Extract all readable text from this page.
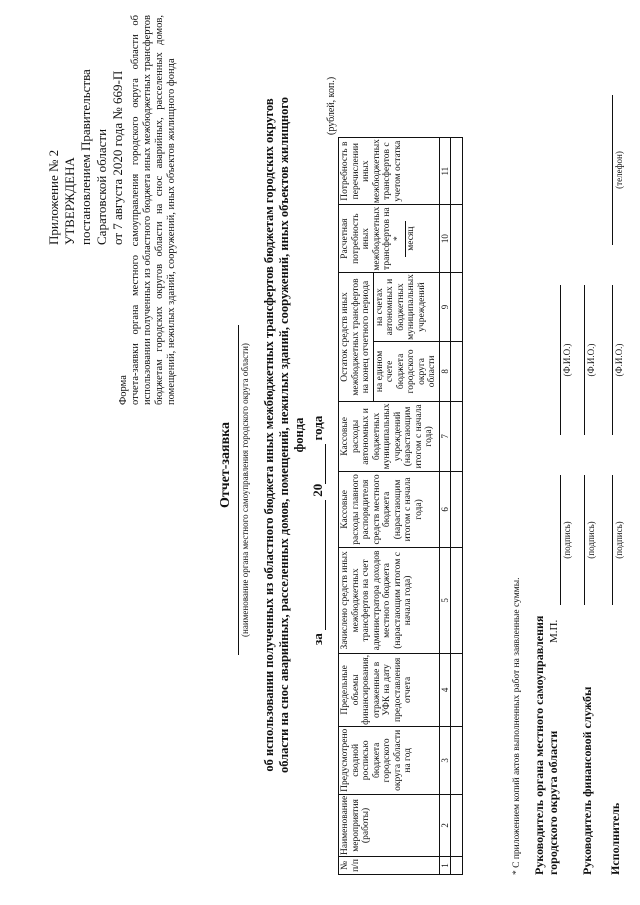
Приложение № 2 УТВЕРЖДЕНА постановлением Правительства Саратовской области от 7 августа 2020 года № 669-П
Форма отчета-заявки органа местного самоуправления городского округа области об использовании полученных из областного бюджета иных межбюджетных трансфертов бюджетам городских округов области на снос аварийных, расселенных домов, помещений, нежилых зданий, сооружений, иных объектов жилищного фонда
Отчет-заявка (наименование органа местного самоуправления городского округа области) об использовании полученных из областного бюджета иных межбюджетных трансфертов бюджетам городских округов области на снос аварийных, расселенных домов, помещений, нежилых зданий, сооружений, иных объектов жилищного фонда
за  20 года
(рублей, коп.)
№ п/п	Наименование мероприятия (работы)	Предусмотрено сводной росписью бюджета городского округа области на год	Предельные объемы финансирования, отраженные в УФК на дату предоставления отчета	Зачислено средств иных межбюджетных трансфертов на счет администратора доходов местного бюджета (нарастающим итогом с начала года)	Кассовые расходы главного распорядителя средств местного бюджета (нарастающим итогом с начала года)	Кассовые расходы автономных и бюджетных муниципальных учреждений (нарастающим итогом с начала года)	Остаток средств иных межбюджетных трансфертов на конец отчетного периода		Расчетная потребность иных межбюджетных трансфертов на * месяц	Потребность в перечислении иных межбюджетных трансфертов с учетом остатка
							на едином счете бюджета городского округа области	на счетах автономных и бюджетных муниципальных учреждений		
1	2	3	4	5	6	7	8	9	10	11

* С приложением копий актов выполненных работ на заявленные суммы. Руководитель органа местного самоуправления городского округа области
М.П.
(подпись)
(Ф.И.О.)
Руководитель финансовой службы
(подпись)
(Ф.И.О.)
Исполнитель
(подпись)
(Ф.И.О.)
(телефон)
